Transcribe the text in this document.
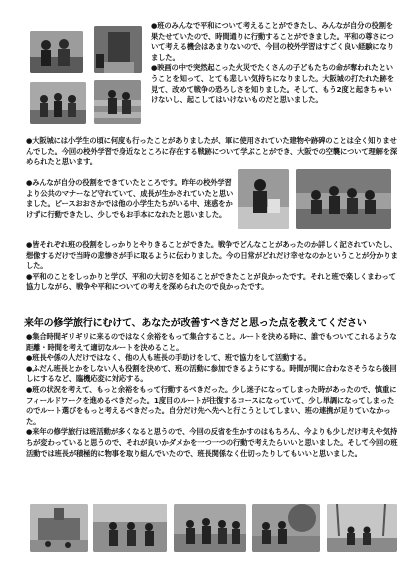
●班のみんなで平和について考えることができたし、みんなが自分の役割を果たせていたので、時間通りに行動することができました。平和の尊さについて考える機会はあまりないので、今回の校外学習はすごく良い経験になりました。
●映画の中で突然起こった火災でたくさんの子どもたちの命が奪われたということを知って、とても悲しい気持ちになりました。大阪城の打たれた跡を見て、改めて戦争の恐ろしさを知りました。そして、もう2度と起きちゃいけないし、起こしてはいけないものだと思いました。
●大阪城には小学生の頃に何度も行ったことがありましたが、軍に使用されていた建物や跡碑のことは全く知りませんでした。今回の校外学習で身近なところに存在する戦跡について学ぶことができ、大阪での空襲について理解を深められたと思います。
●みんなが自分の役割をできていたところです。昨年の校外学習より公共のマナーなど守れていて、成長が生かされていたと思いました。ピースおおさかでは他の小学生たちがいる中、迷惑をかけずに行動できたし、少しでもお手本になれたと思いました。
●皆それぞれ班の役割をしっかりとやりきることができた。戦争でどんなことがあったのか詳しく記されていたし、想像するだけで当時の悲惨さが手に取るように伝わりました。今の日常がどれだけ幸せなのかということが分かりました。
●平和のことをしっかりと学び、平和の大切さを知ることができたことが良かったです。それと班で楽しくまわって協力しながら、戦争や平和についての考えを深められたので良かったです。
来年の修学旅行にむけて、あなたが改善すべきだと思った点を教えてください
●集合時間ギリギリに来るのではなく余裕をもって集合すること。ルートを決める時に、誰でもついてこれるような距離・時間を考えて適切なルートを決めること。
●班長や係の人だけではなく、他の人も班長の手助けをして、班で協力をして活動する。
●ふだん班長とかをしない人も役割を決めて、班の活動に参加できるようにする。時間が間に合わなさそうなら後回しにするなど、臨機応変に対応する。
●班の状況を考えて、もっと余裕をもって行動するべきだった。少し迷子になってしまった時があったので、慎重にフィールドワークを進めるべきだった。1度目のルートが往復するコースになっていて、少し単調になってしまったのでルート選びをもっと考えるべきだった。自分だけ先へ先へと行こうとしてしまい、班の連携が足りていなかった。
●来年の修学旅行は班活動が多くなると思うので、今回の反省を生かすのはもちろん、今よりも少しだけ考えや気持ちが変わっていると思うので、それが良いかダメかを一つ一つの行動で考えたらいいと思いました。そして今回の班活動では班長が積極的に物事を取り組んでいたので、班長関係なく仕切ったりしてもいいと思いました。
